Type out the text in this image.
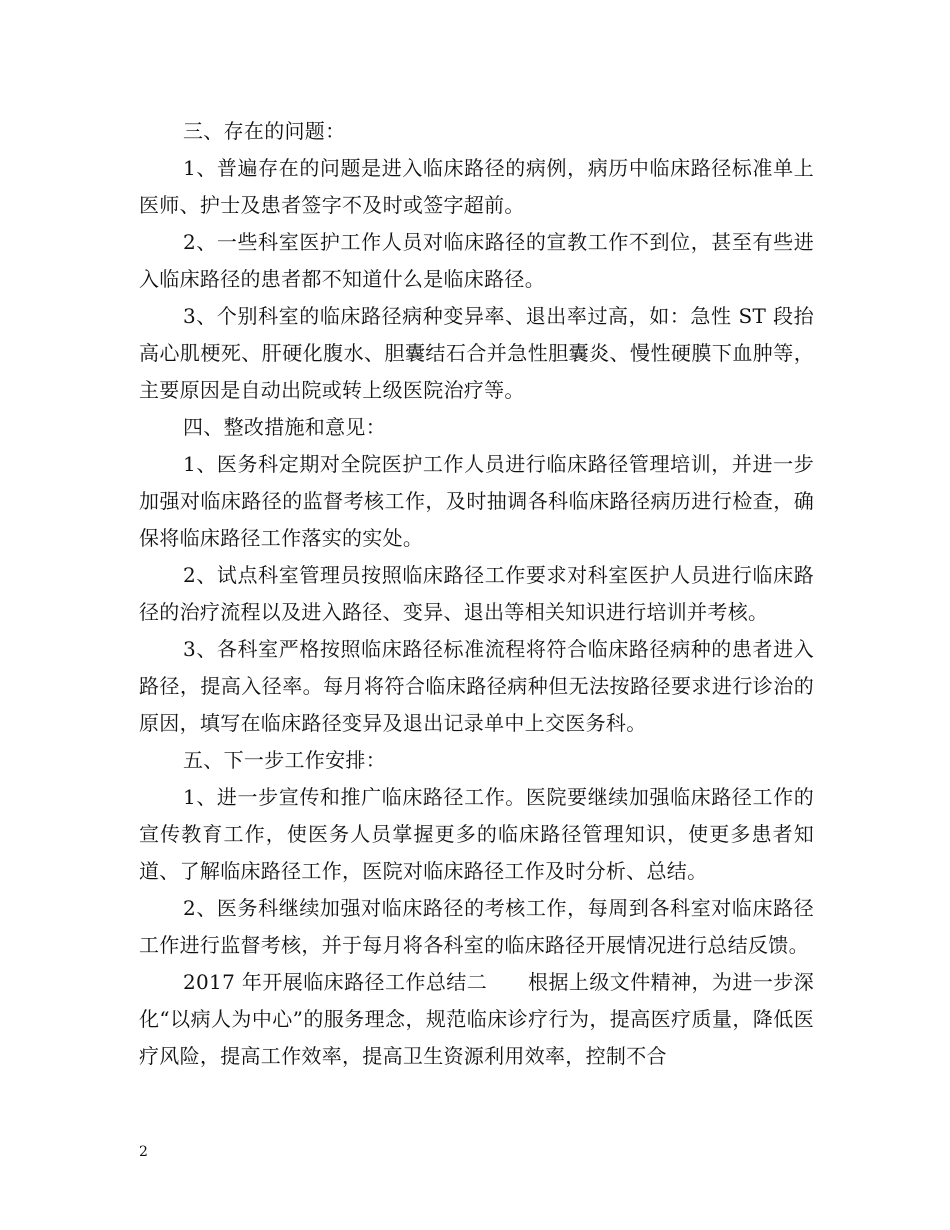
三、存在的问题：

1、普遍存在的问题是进入临床路径的病例，病历中临床路径标准单上医师、护士及患者签字不及时或签字超前。

2、一些科室医护工作人员对临床路径的宣教工作不到位，甚至有些进入临床路径的患者都不知道什么是临床路径。

3、个别科室的临床路径病种变异率、退出率过高，如：急性 ST 段抬高心肌梗死、肝硬化腹水、胆囊结石合并急性胆囊炎、慢性硬膜下血肿等，主要原因是自动出院或转上级医院治疗等。

四、整改措施和意见：

1、医务科定期对全院医护工作人员进行临床路径管理培训，并进一步加强对临床路径的监督考核工作，及时抽调各科临床路径病历进行检查，确保将临床路径工作落实的实处。

2、试点科室管理员按照临床路径工作要求对科室医护人员进行临床路径的治疗流程以及进入路径、变异、退出等相关知识进行培训并考核。

3、各科室严格按照临床路径标准流程将符合临床路径病种的患者进入路径，提高入径率。每月将符合临床路径病种但无法按路径要求进行诊治的原因，填写在临床路径变异及退出记录单中上交医务科。

五、下一步工作安排：

1、进一步宣传和推广临床路径工作。医院要继续加强临床路径工作的宣传教育工作，使医务人员掌握更多的临床路径管理知识，使更多患者知道、了解临床路径工作，医院对临床路径工作及时分析、总结。

2、医务科继续加强对临床路径的考核工作，每周到各科室对临床路径工作进行监督考核，并于每月将各科室的临床路径开展情况进行总结反馈。

2017 年开展临床路径工作总结二　　根据上级文件精神，为进一步深化“以病人为中心”的服务理念，规范临床诊疗行为，提高医疗质量，降低医疗风险，提高工作效率，提高卫生资源利用效率，控制不合

2
